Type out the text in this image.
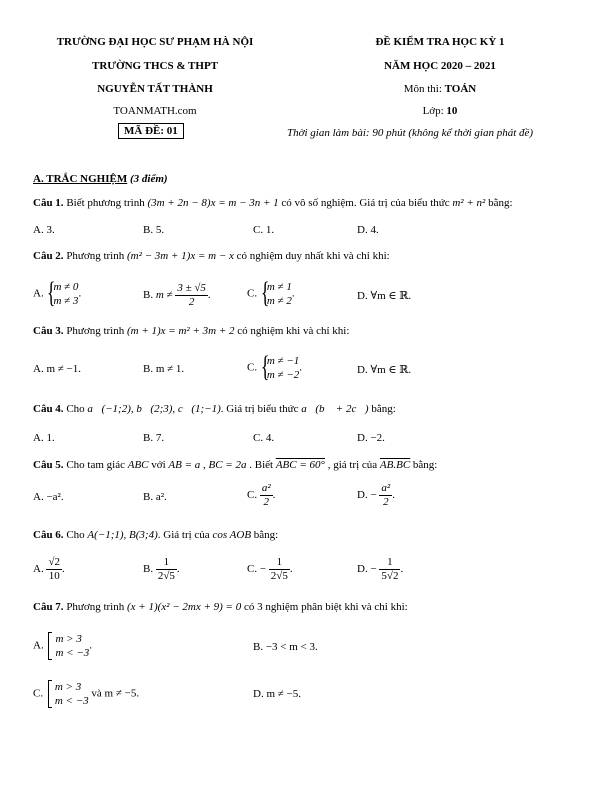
TRƯỜNG ĐẠI HỌC SƯ PHẠM HÀ NỘI
TRƯỜNG THCS & THPT
NGUYỄN TẤT THÀNH
TOANMATH.com
MÃ ĐỀ: 01
ĐỀ KIỂM TRA HỌC KỲ 1
NĂM HỌC 2020 – 2021
Môn thi: TOÁN
Lớp: 10
Thời gian làm bài: 90 phút (không kể thời gian phát đề)
A. TRẮC NGHIỆM (3 điểm)
Câu 1. Biết phương trình (3m + 2n − 8)x = m − 3n + 1 có vô số nghiệm. Giá trị của biểu thức m² + n² bằng:
A. 3.	B. 5.	C. 1.	D. 4.
Câu 2. Phương trình (m² − 3m + 1)x = m − x có nghiệm duy nhất khi và chỉ khi:
A.
{ m ≠ 0
m ≠ 3
.	B. $m \ne \frac{3 \pm √5}{2}$ .	C.
{ m ≠ 1
m ≠ 2
.	D. ∀m ∈ ℝ.
Câu 3. Phương trình (m + 1)x = m² + 3m + 2 có nghiệm khi và chỉ khi:
A. m ≠ −1.	B. m ≠ 1.	C.
{ m ≠ −1
m ≠ −2
.	D. ∀m ∈ ℝ.
Câu 4. Cho a⃗(−1;2), b⃗(2;3), c⃗(1;−1). Giá trị biểu thức a⃗(b⃗ + 2c⃗) bằng:
A. 1.	B. 7.	C. 4.	D. −2.
Câu 5. Cho tam giác ABC với AB = a , BC = 2a . Biết ABC = 60° , giá trị của AB.BC bằng:
A. −a².	B. a².	C. $\frac{\text{a²}}{2}$ .	D. − $\frac{\text{a²}}{2}$ .
Câu 6. Cho A(−1;1), B(3;4). Giá trị của cos AOB bằng:
A. $\frac{√2}{10}$ .	B. $\frac{1}{2√5}$ .	C. − $\frac{1}{2√5}$ .	D. − $\frac{1}{5√2}$ .
Câu 7. Phương trình (x + 1)(x² − 2mx + 9) = 0 có 3 nghiệm phân biệt khi và chỉ khi:
A.
m > 3
m < −3
.	B. −3 < m < 3.
C.
m > 3
m < −3
và m ≠ −5.	D. m ≠ −5.
